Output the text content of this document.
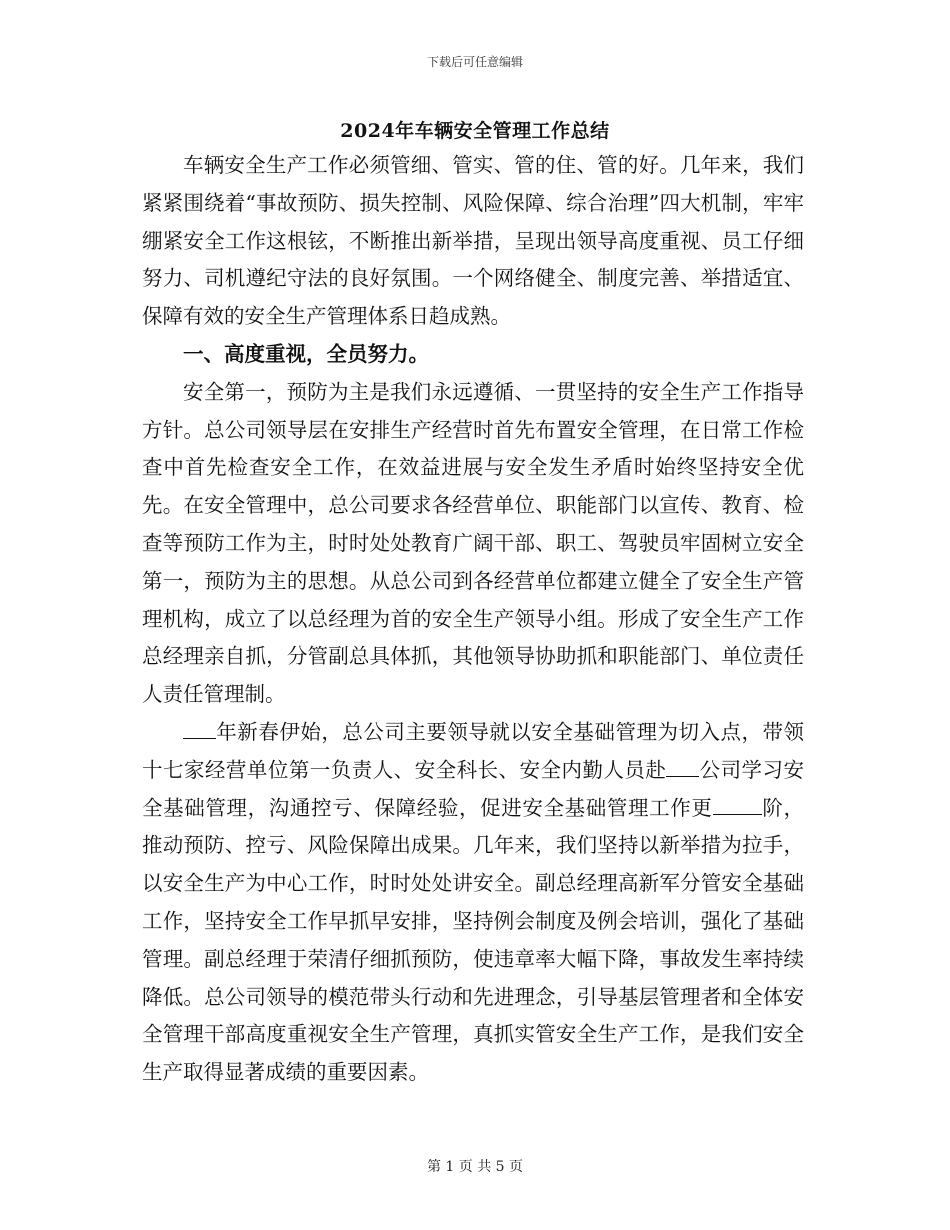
下载后可任意编辑
2024年车辆安全管理工作总结

车辆安全生产工作必须管细、管实、管的住、管的好。几年来，我们紧紧围绕着“事故预防、损失控制、风险保障、综合治理”四大机制，牢牢绷紧安全工作这根铉，不断推出新举措，呈现出领导高度重视、员工仔细努力、司机遵纪守法的良好氛围。一个网络健全、制度完善、举措适宜、保障有效的安全生产管理体系日趋成熟。

一、高度重视，全员努力。

安全第一，预防为主是我们永远遵循、一贯坚持的安全生产工作指导方针。总公司领导层在安排生产经营时首先布置安全管理，在日常工作检查中首先检查安全工作，在效益进展与安全发生矛盾时始终坚持安全优先。在安全管理中，总公司要求各经营单位、职能部门以宣传、教育、检查等预防工作为主，时时处处教育广阔干部、职工、驾驶员牢固树立安全第一，预防为主的思想。从总公司到各经营单位都建立健全了安全生产管理机构，成立了以总经理为首的安全生产领导小组。形成了安全生产工作总经理亲自抓，分管副总具体抓，其他领导协助抓和职能部门、单位责任人责任管理制。

年新春伊始，总公司主要领导就以安全基础管理为切入点，带领十七家经营单位第一负责人、安全科长、安全内勤人员赴 公司学习安全基础管理，沟通控亏、保障经验，促进安全基础管理工作更 阶，推动预防、控亏、风险保障出成果。几年来，我们坚持以新举措为拉手，以安全生产为中心工作，时时处处讲安全。副总经理高新军分管安全基础工作，坚持安全工作早抓早安排，坚持例会制度及例会培训，强化了基础管理。副总经理于荣清仔细抓预防，使违章率大幅下降，事故发生率持续降低。总公司领导的模范带头行动和先进理念，引导基层管理者和全体安全管理干部高度重视安全生产管理，真抓实管安全生产工作，是我们安全生产取得显著成绩的重要因素。

第 1 页 共 5 页
